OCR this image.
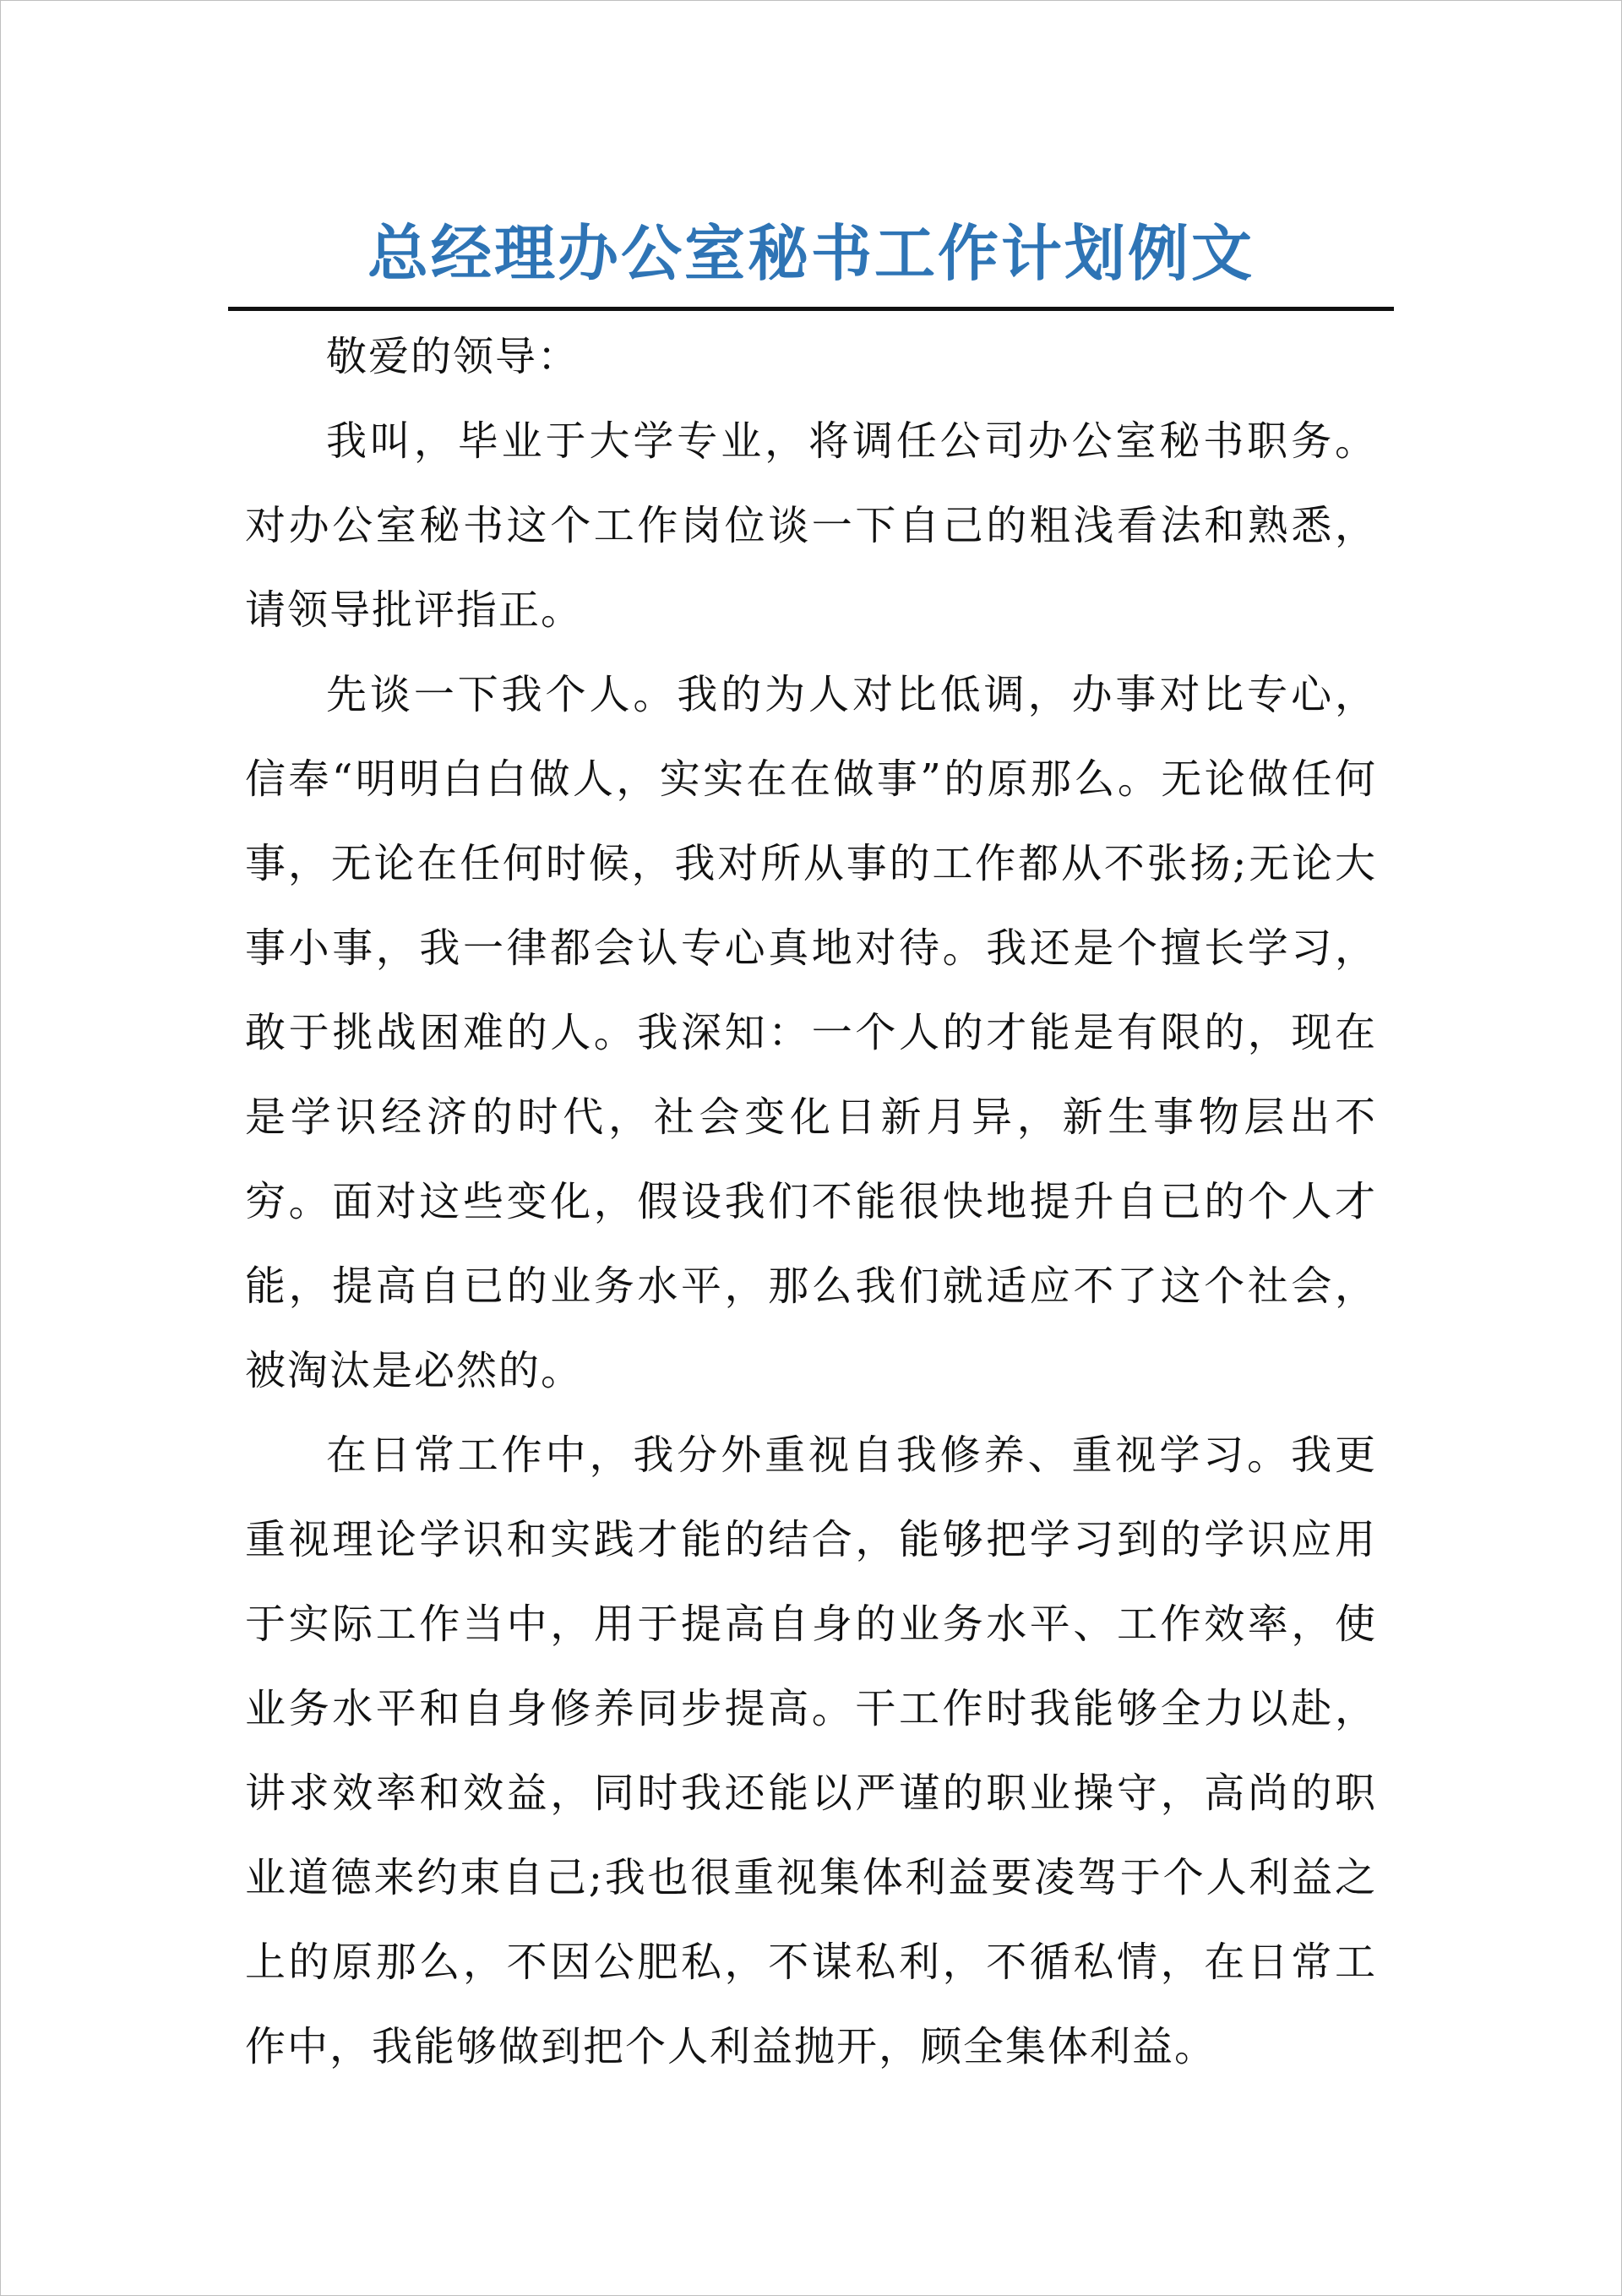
总经理办公室秘书工作计划例文

敬爱的领导：

我叫，毕业于大学专业，将调任公司办公室秘书职务。对办公室秘书这个工作岗位谈一下自己的粗浅看法和熟悉，请领导批评指正。

先谈一下我个人。我的为人对比低调，办事对比专心，信奉“明明白白做人，实实在在做事”的原那么。无论做任何事，无论在任何时候，我对所从事的工作都从不张扬;无论大事小事，我一律都会认专心真地对待。我还是个擅长学习，敢于挑战困难的人。我深知：一个人的才能是有限的，现在是学识经济的时代，社会变化日新月异，新生事物层出不穷。面对这些变化，假设我们不能很快地提升自已的个人才能，提高自已的业务水平，那么我们就适应不了这个社会，被淘汰是必然的。

在日常工作中，我分外重视自我修养、重视学习。我更重视理论学识和实践才能的结合，能够把学习到的学识应用于实际工作当中，用于提高自身的业务水平、工作效率，使业务水平和自身修养同步提高。干工作时我能够全力以赴，讲求效率和效益，同时我还能以严谨的职业操守，高尚的职业道德来约束自己;我也很重视集体利益要凌驾于个人利益之上的原那么，不因公肥私，不谋私利，不循私情，在日常工作中，我能够做到把个人利益抛开，顾全集体利益。
